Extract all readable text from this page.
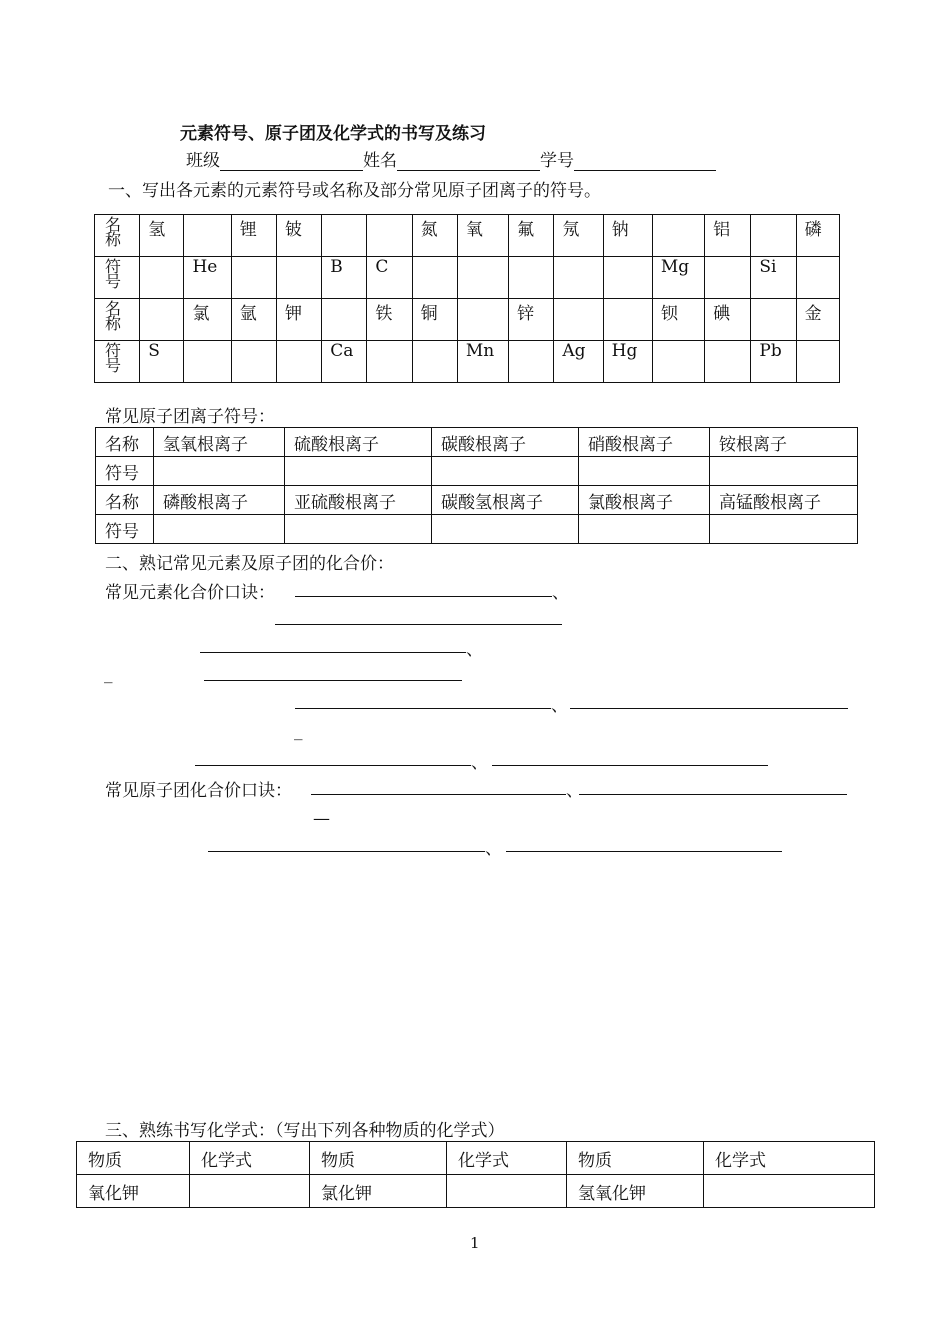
元素符号、原子团及化学式的书写及练习
班级	姓名	学号
一、写出各元素的元素符号或名称及部分常见原子团离子的符号。
名
称	氢		锂	铍			氮	氧	氟	氖	钠		铝		磷

符
号		He			B	C						Mg		Si	

名
称		氯	氩	钾		铁	铜		锌			钡	碘		金

符
号	S				Ca			Mn		Ag	Hg			Pb	
常见原子团离子符号：
名称	氢氧根离子	硫酸根离子	碳酸根离子	硝酸根离子	铵根离子
符号					
名称	磷酸根离子	亚硫酸根离子	碳酸氢根离子	氯酸根离子	高锰酸根离子
符号					
二、熟记常见元素及原子团的化合价：
常见元素化合价口诀：	、
、
_
、
_
、
常见原子团化合价口诀：	、
—
、
三、熟练书写化学式：（写出下列各种物质的化学式）
物质	化学式	物质	化学式	物质	化学式
氧化钾		氯化钾		氢氧化钾	
1
